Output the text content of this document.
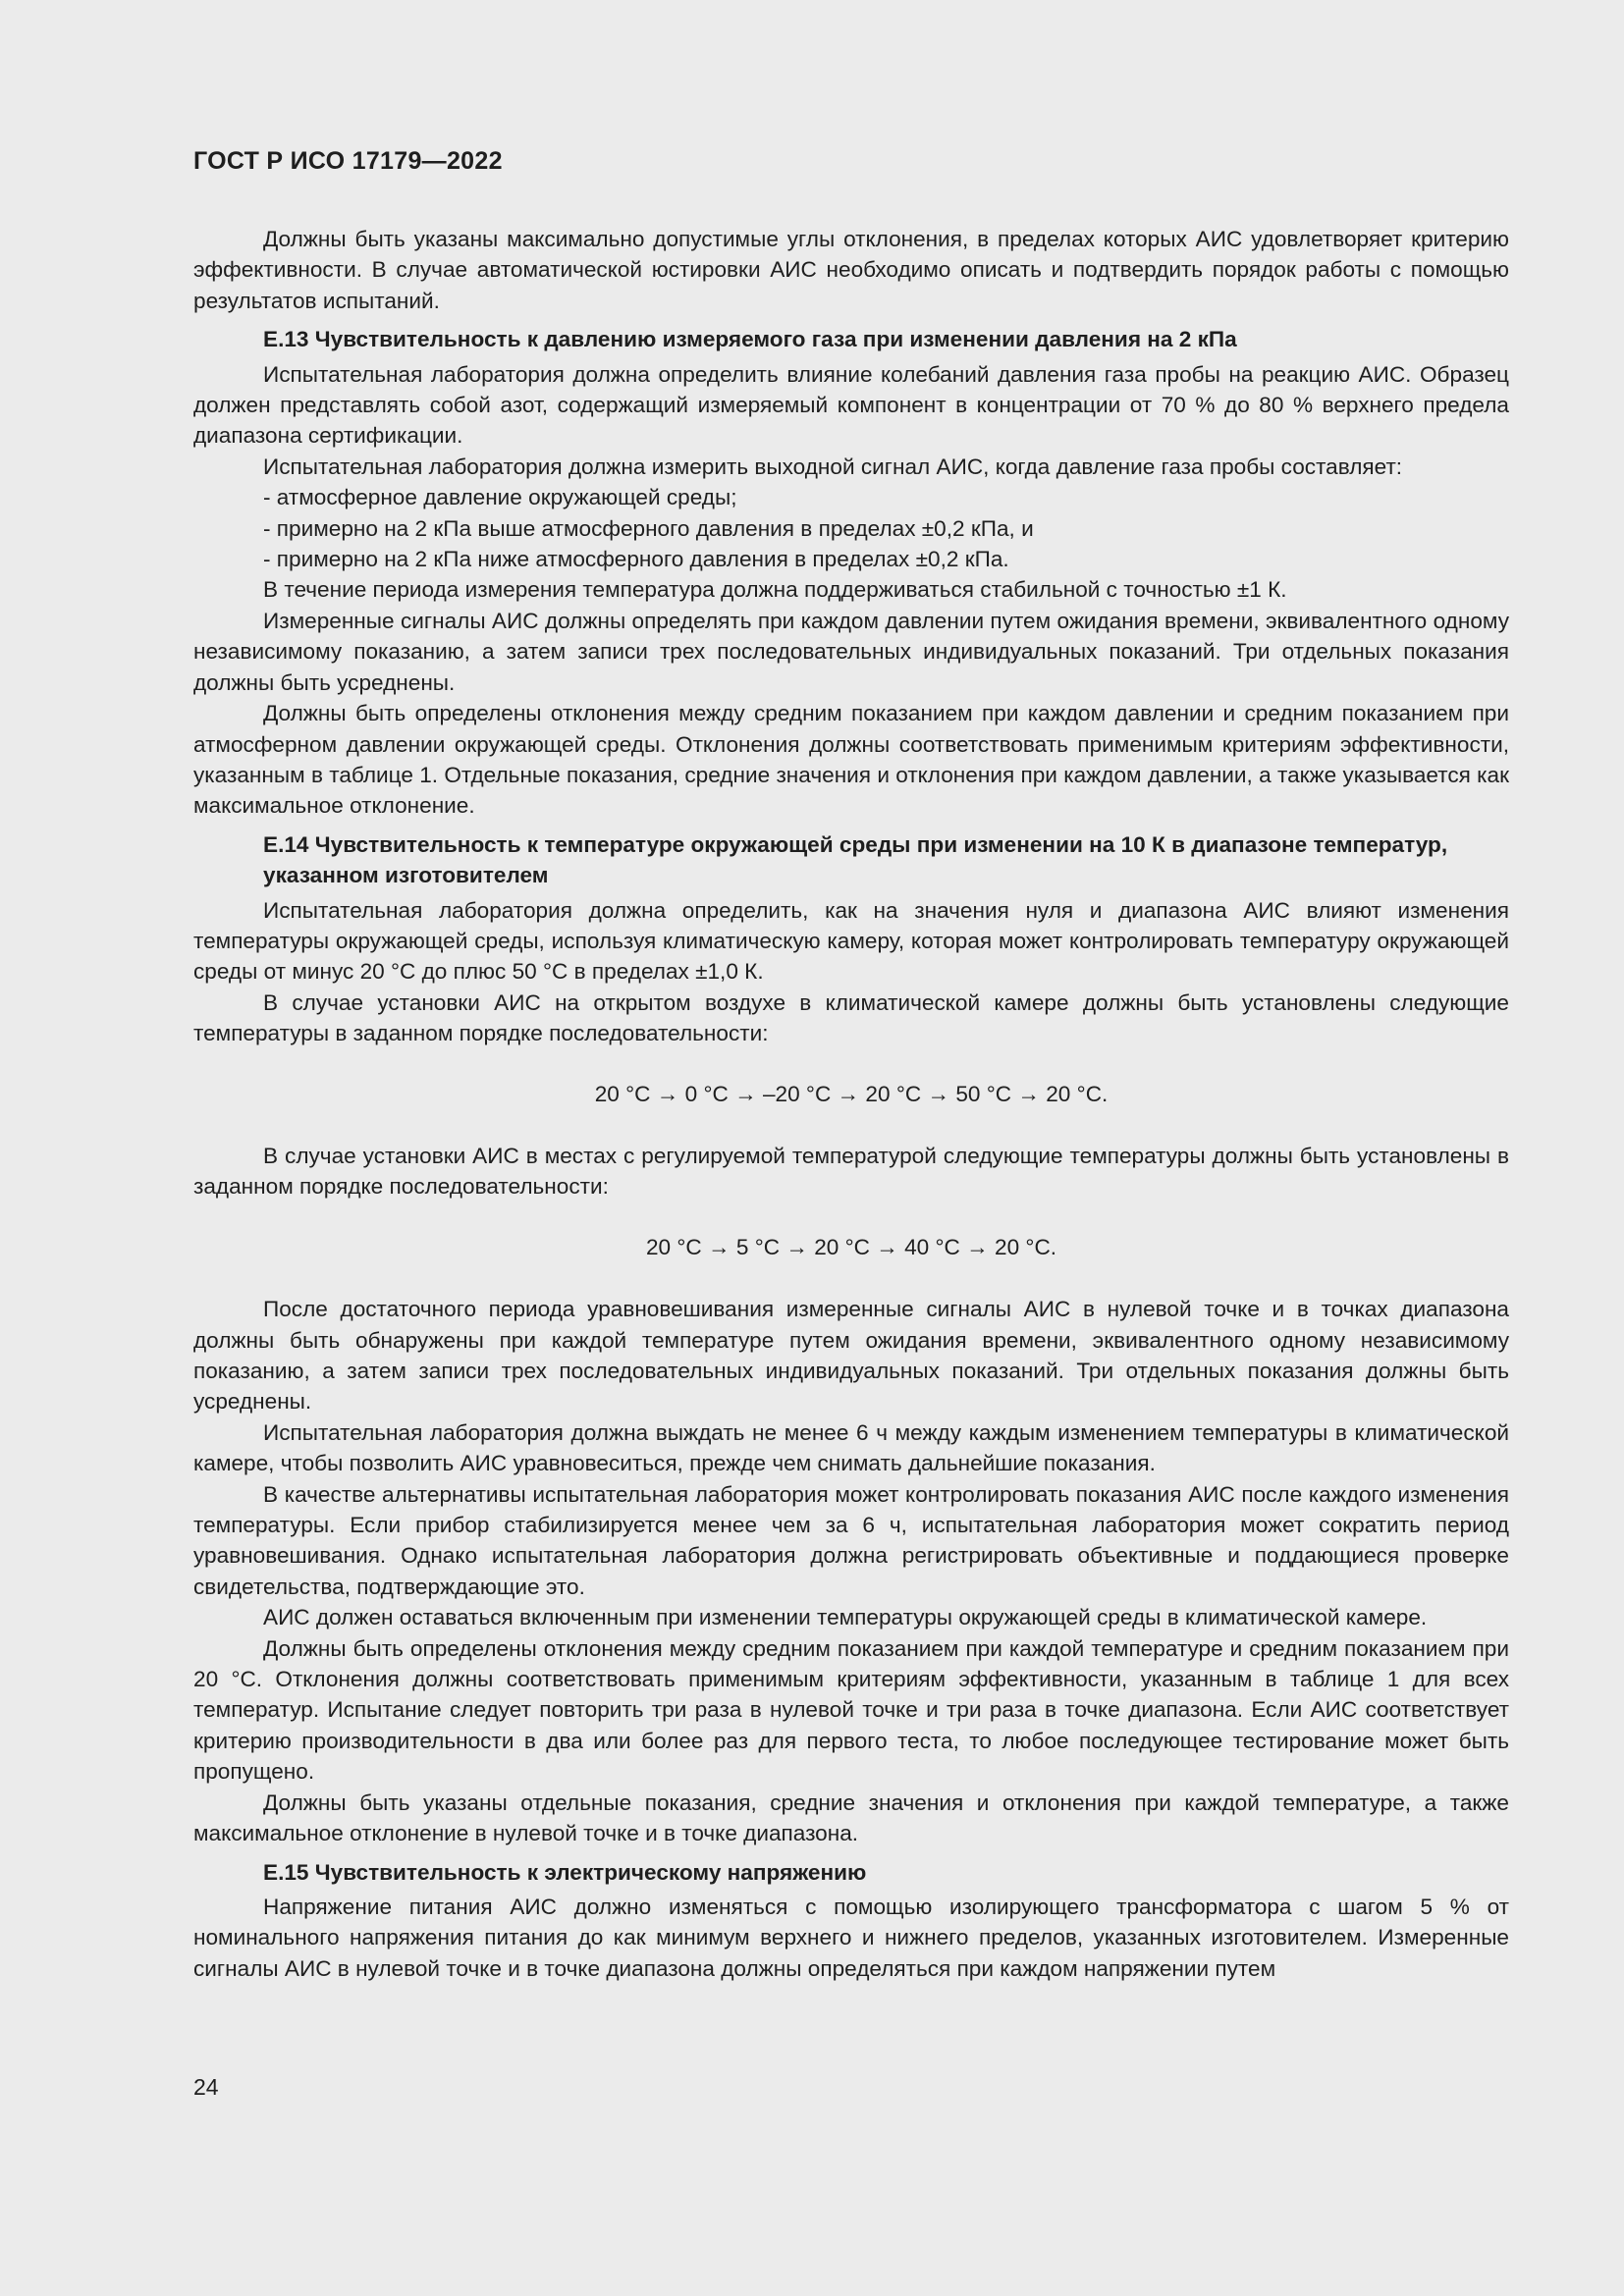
ГОСТ Р ИСО 17179—2022

Должны быть указаны максимально допустимые углы отклонения, в пределах которых АИС удовлетворяет критерию эффективности. В случае автоматической юстировки АИС необходимо описать и подтвердить порядок работы с помощью результатов испытаний.

Е.13 Чувствительность к давлению измеряемого газа при изменении давления на 2 кПа

Испытательная лаборатория должна определить влияние колебаний давления газа пробы на реакцию АИС. Образец должен представлять собой азот, содержащий измеряемый компонент в концентрации от 70 % до 80 % верхнего предела диапазона сертификации.

Испытательная лаборатория должна измерить выходной сигнал АИС, когда давление газа пробы составляет:

- атмосферное давление окружающей среды;

- примерно на 2 кПа выше атмосферного давления в пределах ±0,2 кПа, и

- примерно на 2 кПа ниже атмосферного давления в пределах ±0,2 кПа.

В течение периода измерения температура должна поддерживаться стабильной с точностью ±1 К.

Измеренные сигналы АИС должны определять при каждом давлении путем ожидания времени, эквивалентного одному независимому показанию, а затем записи трех последовательных индивидуальных показаний. Три отдельных показания должны быть усреднены.

Должны быть определены отклонения между средним показанием при каждом давлении и средним показанием при атмосферном давлении окружающей среды. Отклонения должны соответствовать применимым критериям эффективности, указанным в таблице 1. Отдельные показания, средние значения и отклонения при каждом давлении, а также указывается как максимальное отклонение.

Е.14 Чувствительность к температуре окружающей среды при изменении на 10 К в диапазоне температур, указанном изготовителем

Испытательная лаборатория должна определить, как на значения нуля и диапазона АИС влияют изменения температуры окружающей среды, используя климатическую камеру, которая может контролировать температуру окружающей среды от минус 20 °С до плюс 50 °С в пределах ±1,0 К.

В случае установки АИС на открытом воздухе в климатической камере должны быть установлены следующие температуры в заданном порядке последовательности:

20 °С → 0 °С → –20 °С → 20 °С → 50 °С → 20 °С.

В случае установки АИС в местах с регулируемой температурой следующие температуры должны быть установлены в заданном порядке последовательности:

20 °С → 5 °С → 20 °С → 40 °С → 20 °С.

После достаточного периода уравновешивания измеренные сигналы АИС в нулевой точке и в точках диапазона должны быть обнаружены при каждой температуре путем ожидания времени, эквивалентного одному независимому показанию, а затем записи трех последовательных индивидуальных показаний. Три отдельных показания должны быть усреднены.

Испытательная лаборатория должна выждать не менее 6 ч между каждым изменением температуры в климатической камере, чтобы позволить АИС уравновеситься, прежде чем снимать дальнейшие показания.

В качестве альтернативы испытательная лаборатория может контролировать показания АИС после каждого изменения температуры. Если прибор стабилизируется менее чем за 6 ч, испытательная лаборатория может сократить период уравновешивания. Однако испытательная лаборатория должна регистрировать объективные и поддающиеся проверке свидетельства, подтверждающие это.

АИС должен оставаться включенным при изменении температуры окружающей среды в климатической камере.

Должны быть определены отклонения между средним показанием при каждой температуре и средним показанием при 20 °С. Отклонения должны соответствовать применимым критериям эффективности, указанным в таблице 1 для всех температур. Испытание следует повторить три раза в нулевой точке и три раза в точке диапазона. Если АИС соответствует критерию производительности в два или более раз для первого теста, то любое последующее тестирование может быть пропущено.

Должны быть указаны отдельные показания, средние значения и отклонения при каждой температуре, а также максимальное отклонение в нулевой точке и в точке диапазона.

Е.15 Чувствительность к электрическому напряжению

Напряжение питания АИС должно изменяться с помощью изолирующего трансформатора с шагом 5 % от номинального напряжения питания до как минимум верхнего и нижнего пределов, указанных изготовителем. Измеренные сигналы АИС в нулевой точке и в точке диапазона должны определяться при каждом напряжении путем

24
